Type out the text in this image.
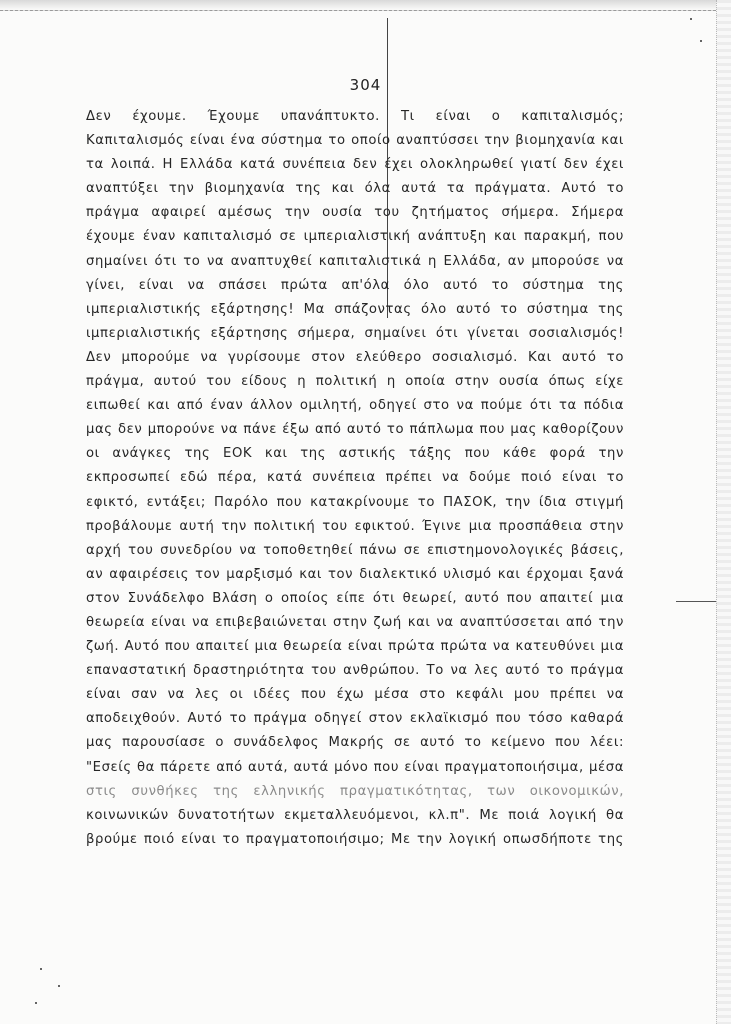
304
Δεν έχουμε. Έχουμε υπανάπτυκτο. Τι είναι ο καπιταλισμός;
Καπιταλισμός είναι ένα σύστημα το οποίο αναπτύσσει την βιομηχανία και
τα λοιπά. Η Ελλάδα κατά συνέπεια δεν έχει ολοκληρωθεί γιατί δεν έχει
αναπτύξει την βιομηχανία της και όλα αυτά τα πράγματα. Αυτό το
πράγμα αφαιρεί αμέσως την ουσία του ζητήματος σήμερα. Σήμερα
έχουμε έναν καπιταλισμό σε ιμπεριαλιστική ανάπτυξη και παρακμή, που
σημαίνει ότι το να αναπτυχθεί καπιταλιστικά η Ελλάδα, αν μπορούσε να
γίνει, είναι να σπάσει πρώτα απ'όλα όλο αυτό το σύστημα της
ιμπεριαλιστικής εξάρτησης! Μα σπάζοντας όλο αυτό το σύστημα της
ιμπεριαλιστικής εξάρτησης σήμερα, σημαίνει ότι γίνεται σοσιαλισμός!
Δεν μπορούμε να γυρίσουμε στον ελεύθερο σοσιαλισμό. Και αυτό το
πράγμα, αυτού του είδους η πολιτική η οποία στην ουσία όπως είχε
ειπωθεί και από έναν άλλον ομιλητή, οδηγεί στο να πούμε ότι τα πόδια
μας δεν μπορούνε να πάνε έξω από αυτό το πάπλωμα που μας καθορίζουν
οι ανάγκες της ΕΟΚ και της αστικής τάξης που κάθε φορά την
εκπροσωπεί εδώ πέρα, κατά συνέπεια πρέπει να δούμε ποιό είναι το
εφικτό, εντάξει; Παρόλο που κατακρίνουμε το ΠΑΣΟΚ, την ίδια στιγμή
προβάλουμε αυτή την πολιτική του εφικτού. Έγινε μια προσπάθεια στην
αρχή του συνεδρίου να τοποθετηθεί πάνω σε επιστημονολογικές βάσεις,
αν αφαιρέσεις τον μαρξισμό και τον διαλεκτικό υλισμό και έρχομαι ξανά
στον Συνάδελφο Βλάση ο οποίος είπε ότι θεωρεί, αυτό που απαιτεί μια
θεωρεία είναι να επιβεβαιώνεται στην ζωή και να αναπτύσσεται από την
ζωή. Αυτό που απαιτεί μια θεωρεία είναι πρώτα πρώτα να κατευθύνει μια
επαναστατική δραστηριότητα του ανθρώπου. Το να λες αυτό το πράγμα
είναι σαν να λες οι ιδέες που έχω μέσα στο κεφάλι μου πρέπει να
αποδειχθούν. Αυτό το πράγμα οδηγεί στον εκλαϊκισμό που τόσο καθαρά
μας παρουσίασε ο συνάδελφος Μακρής σε αυτό το κείμενο που λέει:
"Εσείς θα πάρετε από αυτά, αυτά μόνο που είναι πραγματοποιήσιμα, μέσα
στις συνθήκες της ελληνικής πραγματικότητας, των οικονομικών,
κοινωνικών δυνατοτήτων εκμεταλλευόμενοι, κλ.π". Με ποιά λογική θα
βρούμε ποιό είναι το πραγματοποιήσιμο; Με την λογική οπωσδήποτε της
